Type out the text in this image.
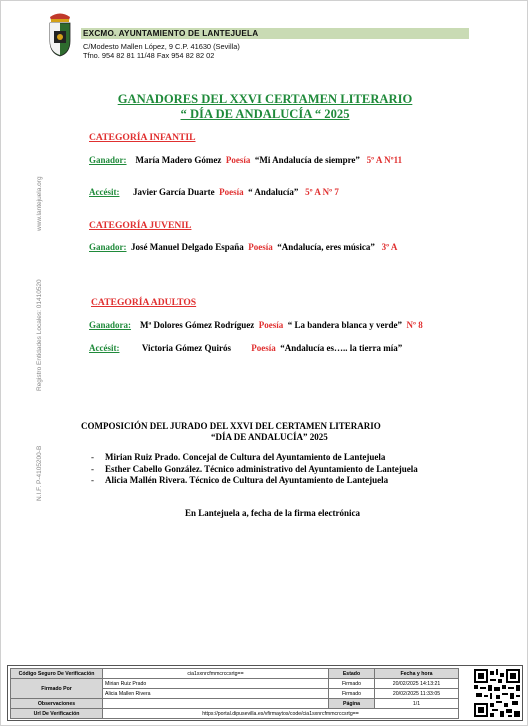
EXCMO. AYUNTAMIENTO DE LANTEJUELA
C/Modesto Mallen López, 9 C.P. 41630 (Sevilla)
Tfno. 954 82 81 11/48 Fax 954 82 82 02
www.lantejuela.org
Registro Entidades Locales: 01410520
N.I.F. P-4105200-B
GANADORES DEL XXVI CERTAMEN LITERARIO
“ DÍA DE ANDALUCÍA “ 2025
CATEGORÍA INFANTIL
Ganador: María Madero Gómez Poesía “Mi Andalucía de siempre” 5º A Nº11
Accésit: Javier García Duarte Poesía “ Andalucía” 5º A Nº 7
CATEGORÍA JUVENIL
Ganador: José Manuel Delgado España Poesía “Andalucía, eres música” 3º A
CATEGORÍA ADULTOS
Ganadora: Mª Dolores Gómez Rodríguez Poesía “ La bandera blanca y verde” Nº 8
Accésit: Victoria Gómez Quirós Poesía “Andalucía es….. la tierra mía”
COMPOSICIÓN DEL JURADO DEL XXVI DEL CERTAMEN LITERARIO
“DÍA DE ANDALUCÍA” 2025
- Mirian Ruiz Prado. Concejal de Cultura del Ayuntamiento de Lantejuela
- Esther Cabello González. Técnico administrativo del Ayuntamiento de Lantejuela
- Alicia Mallén Rivera. Técnico de Cultura del Ayuntamiento de Lantejuela
En Lantejuela a, fecha de la firma electrónica
Código Seguro De Verificación	cia1sxnrcfmmcrccsrtg==	Estado	Fecha y hora
Firmado Por	Mirian Ruiz Prado	Firmado	20/02/2025 14:13:21
	Alicia Mallen Rivera	Firmado	20/02/2025 11:33:05
Observaciones		Página	1/1
Url De Verificación	https://portal.dipusevilla.es/vfirmaytos/code/cia1sxnrcfmmcrccsrtg==		
